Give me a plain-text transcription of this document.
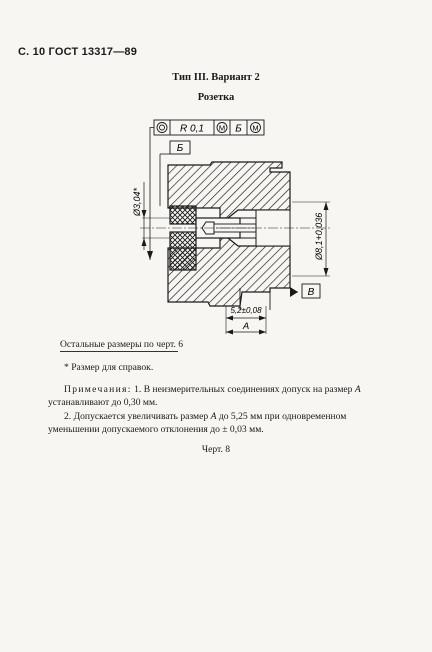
С. 10 ГОСТ 13317—89
Тип III. Вариант 2
Розетка
R 0,1 M Б M
Б
Ø3,04*
Ø8,1+0,036
В
5,2±0,08
А
Остальные размеры по черт. 6
* Размер для справок.
Примечания: 1. В неизмерительных соединениях допуск на размер А
устанавливают до 0,30 мм.
2. Допускается увеличивать размер А до 5,25 мм при одновременном
уменьшении допускаемого отклонения до ± 0,03 мм.
Черт. 8
